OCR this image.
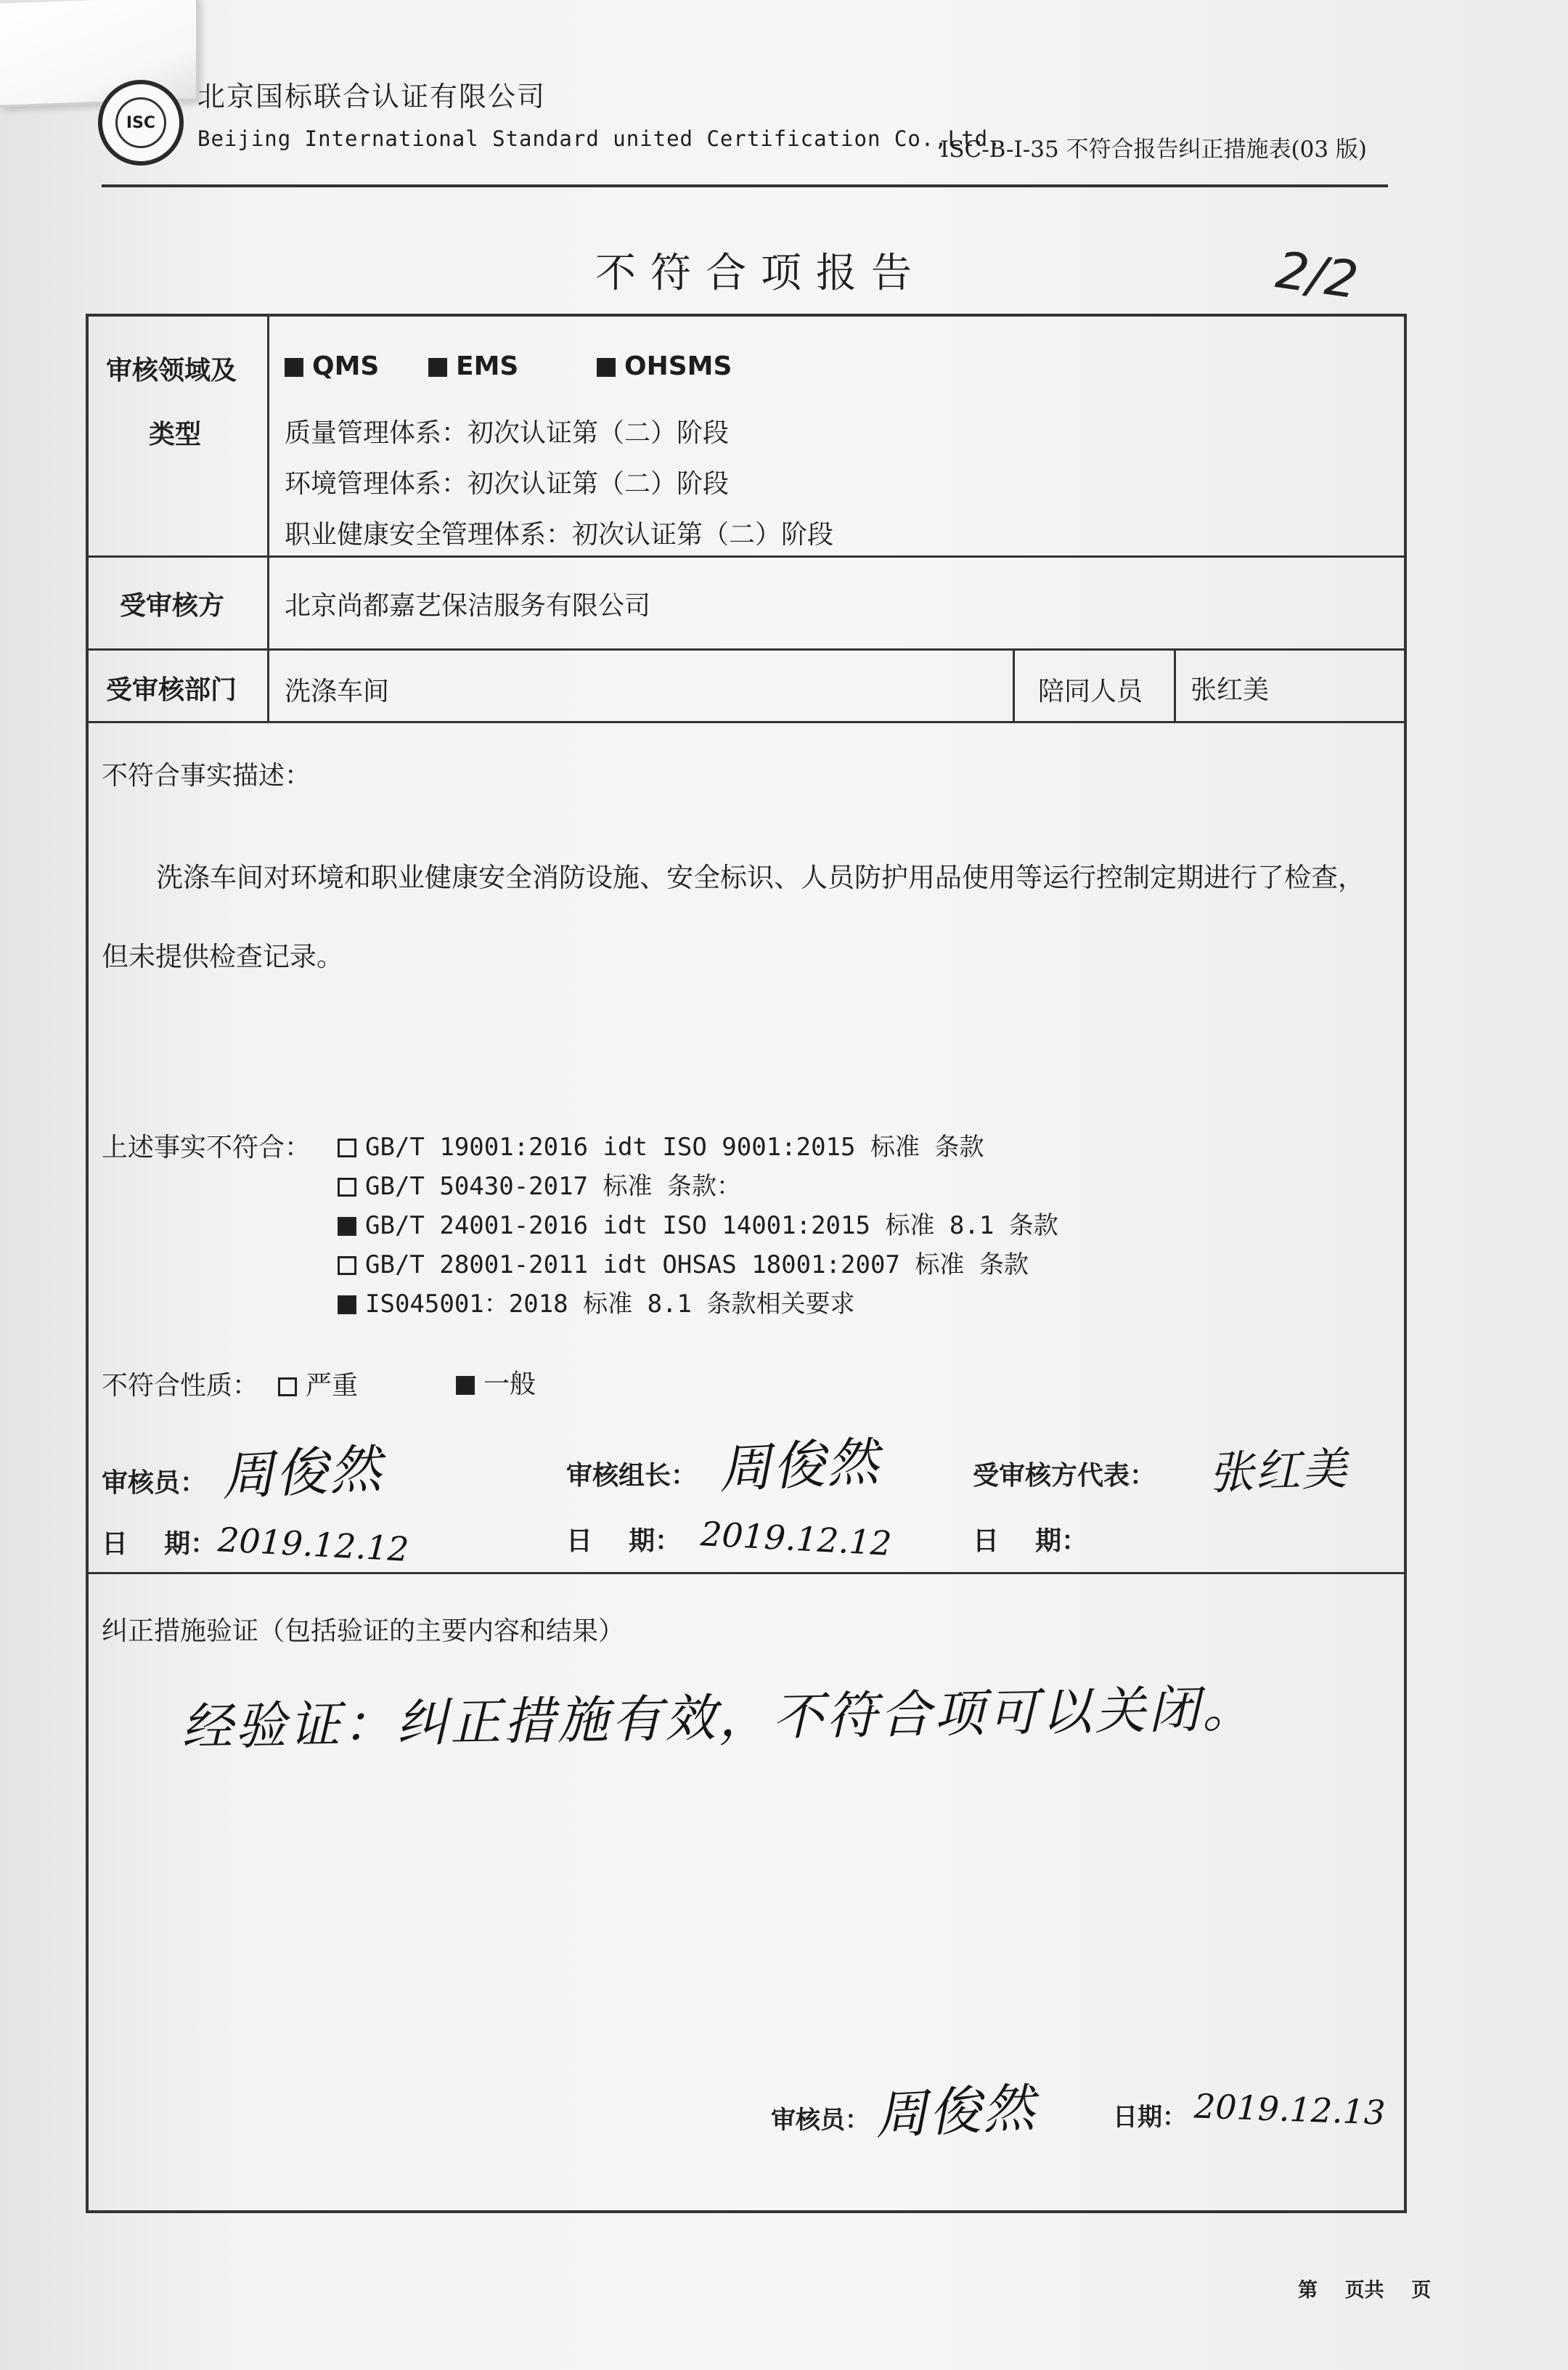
ISC
北京国标联合认证有限公司
Beijing International Standard united Certification Co.,Ltd.
ISC-B-I-35 不符合报告纠正措施表(03 版)
不符合项报告	2/2
审核领域及
类型
QMS	EMS	OHSMS
质量管理体系：初次认证第（二）阶段
环境管理体系：初次认证第（二）阶段
职业健康安全管理体系：初次认证第（二）阶段
受审核方 北京尚都嘉艺保洁服务有限公司
受审核部门 洗涤车间	陪同人员 张红美
不符合事实描述：
洗涤车间对环境和职业健康安全消防设施、安全标识、人员防护用品使用等运行控制定期进行了检查，
但未提供检查记录。
上述事实不符合：	GB/T 19001:2016 idt ISO 9001:2015 标准 条款
GB/T 50430-2017 标准 条款：
GB/T 24001-2016 idt ISO 14001:2015 标准 8.1 条款
GB/T 28001-2011 idt OHSAS 18001:2007 标准 条款
IS045001：2018 标准 8.1 条款相关要求
不符合性质：	严重	一般
审核员： 周俊然	审核组长： 周俊然	受审核方代表： 张红美
日    期： 2019.12.12	日    期： 2019.12.12	日    期：
纠正措施验证（包括验证的主要内容和结果）
经验证：纠正措施有效，不符合项可以关闭。
审核员： 周俊然	日期： 2019.12.13
第    页共    页
